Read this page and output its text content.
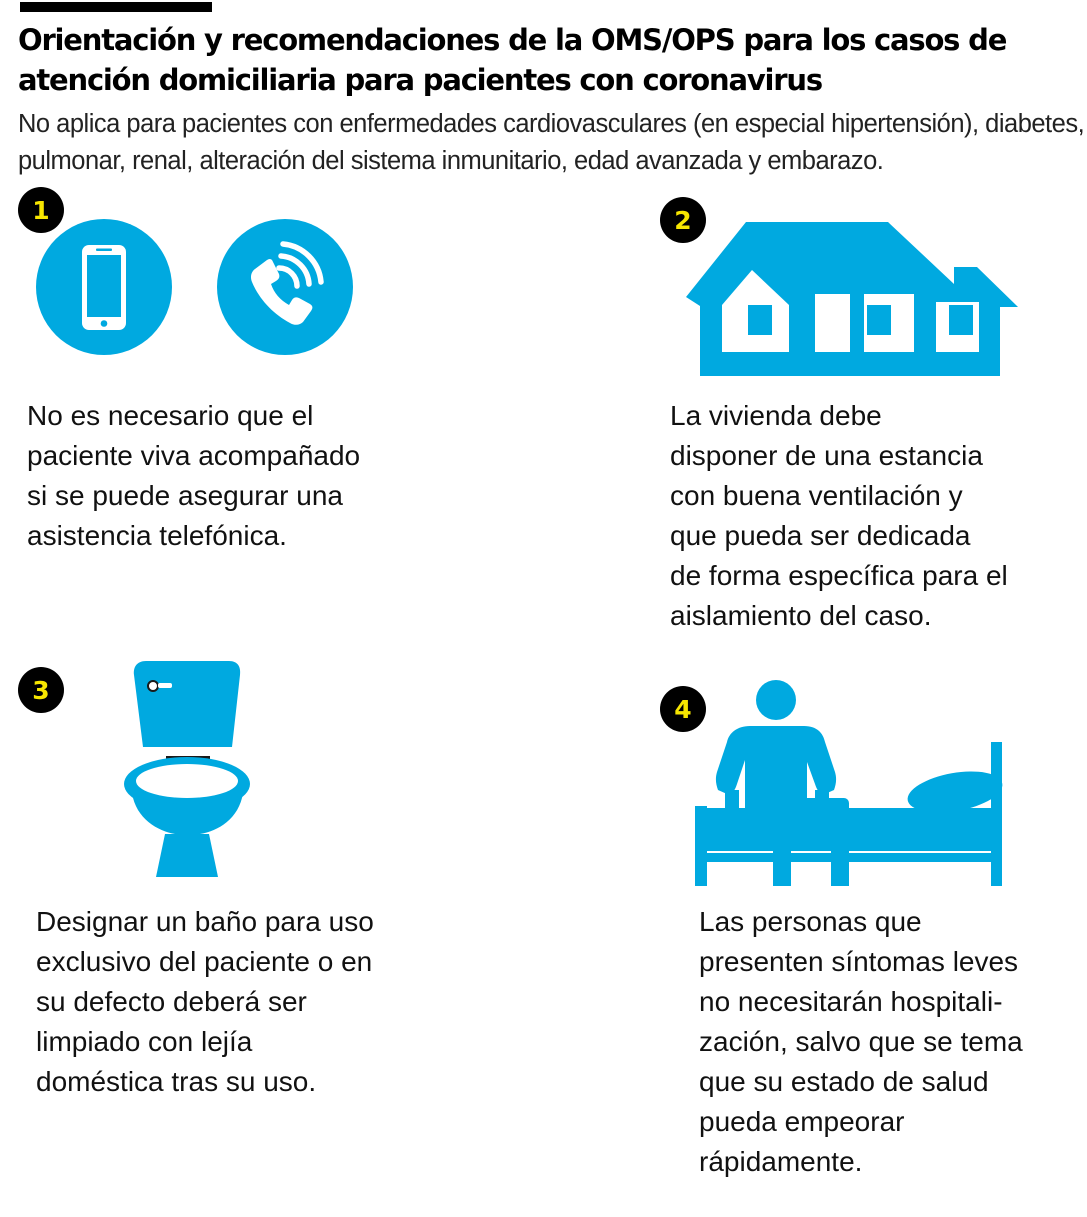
Orientación y recomendaciones de la OMS/OPS para los casos de atención domiciliaria para pacientes con coronavirus

No aplica para pacientes con enfermedades cardiovasculares (en especial hipertensión), diabetes, pulmonar, renal, alteración del sistema inmunitario, edad avanzada y embarazo.

1

No es necesario que el
paciente viva acompañado
si se puede asegurar una
asistencia telefónica.

2

La vivienda debe
disponer de una estancia
con buena ventilación y
que pueda ser dedicada
de forma específica para el
aislamiento del caso.

3

Designar un baño para uso
exclusivo del paciente o en
su defecto deberá ser
limpiado con lejía
doméstica tras su uso.

4

Las personas que
presenten síntomas leves
no necesitarán hospitali-
zación, salvo que se tema
que su estado de salud
pueda empeorar
rápidamente.
